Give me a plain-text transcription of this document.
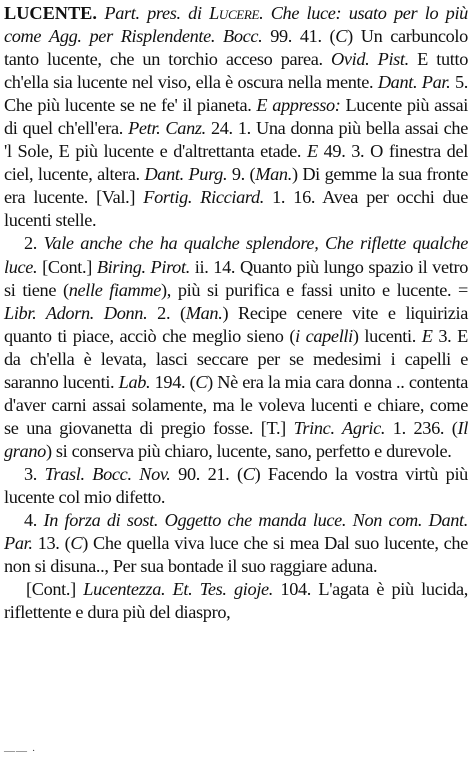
LUCENTE. Part. pres. di Lucere. Che luce: usato per lo più come Agg. per Risplendente. Bocc. 99. 41. (C) Un carbuncolo tanto lucente, che un torchio acceso parea. Ovid. Pist. E tutto ch'ella sia lucente nel viso, ella è oscura nella mente. Dant. Par. 5. Che più lucente se ne fe' il pianeta. E appresso: Lucente più assai di quel ch'ell'era. Petr. Canz. 24. 1. Una donna più bella assai che 'l Sole, E più lucente e d'altrettanta etade. E 49. 3. O finestra del ciel, lucente, altera. Dant. Purg. 9. (Man.) Di gemme la sua fronte era lucente. [Val.] Fortig. Ricciard. 1. 16. Avea per occhi due lucenti stelle.

2. Vale anche che ha qualche splendore, Che riflette qualche luce. [Cont.] Biring. Pirot. ii. 14. Quanto più lungo spazio il vetro si tiene (nelle fiamme), più si purifica e fassi unito e lucente. = Libr. Adorn. Donn. 2. (Man.) Recipe cenere vite e liquirizia quanto ti piace, acciò che meglio sieno (i capelli) lucenti. E 3. E da ch'ella è levata, lasci seccare per se medesimi i capelli e saranno lucenti. Lab. 194. (C) Nè era la mia cara donna .. contenta d'aver carni assai solamente, ma le voleva lucenti e chiare, come se una giovanetta di pregio fosse. [T.] Trinc. Agric. 1. 236. (Il grano) si conserva più chiaro, lucente, sano, perfetto e durevole.

3. Trasl. Bocc. Nov. 90. 21. (C) Facendo la vostra virtù più lucente col mio difetto.

4. In forza di sost. Oggetto che manda luce. Non com. Dant. Par. 13. (C) Che quella viva luce che si mea Dal suo lucente, che non si disuna.., Per sua bontade il suo raggiare aduna.

[Cont.] Lucentezza. Et. Tes. gioje. 104. L'agata è più lucida, riflettente e dura più del diaspro,

—— ·
